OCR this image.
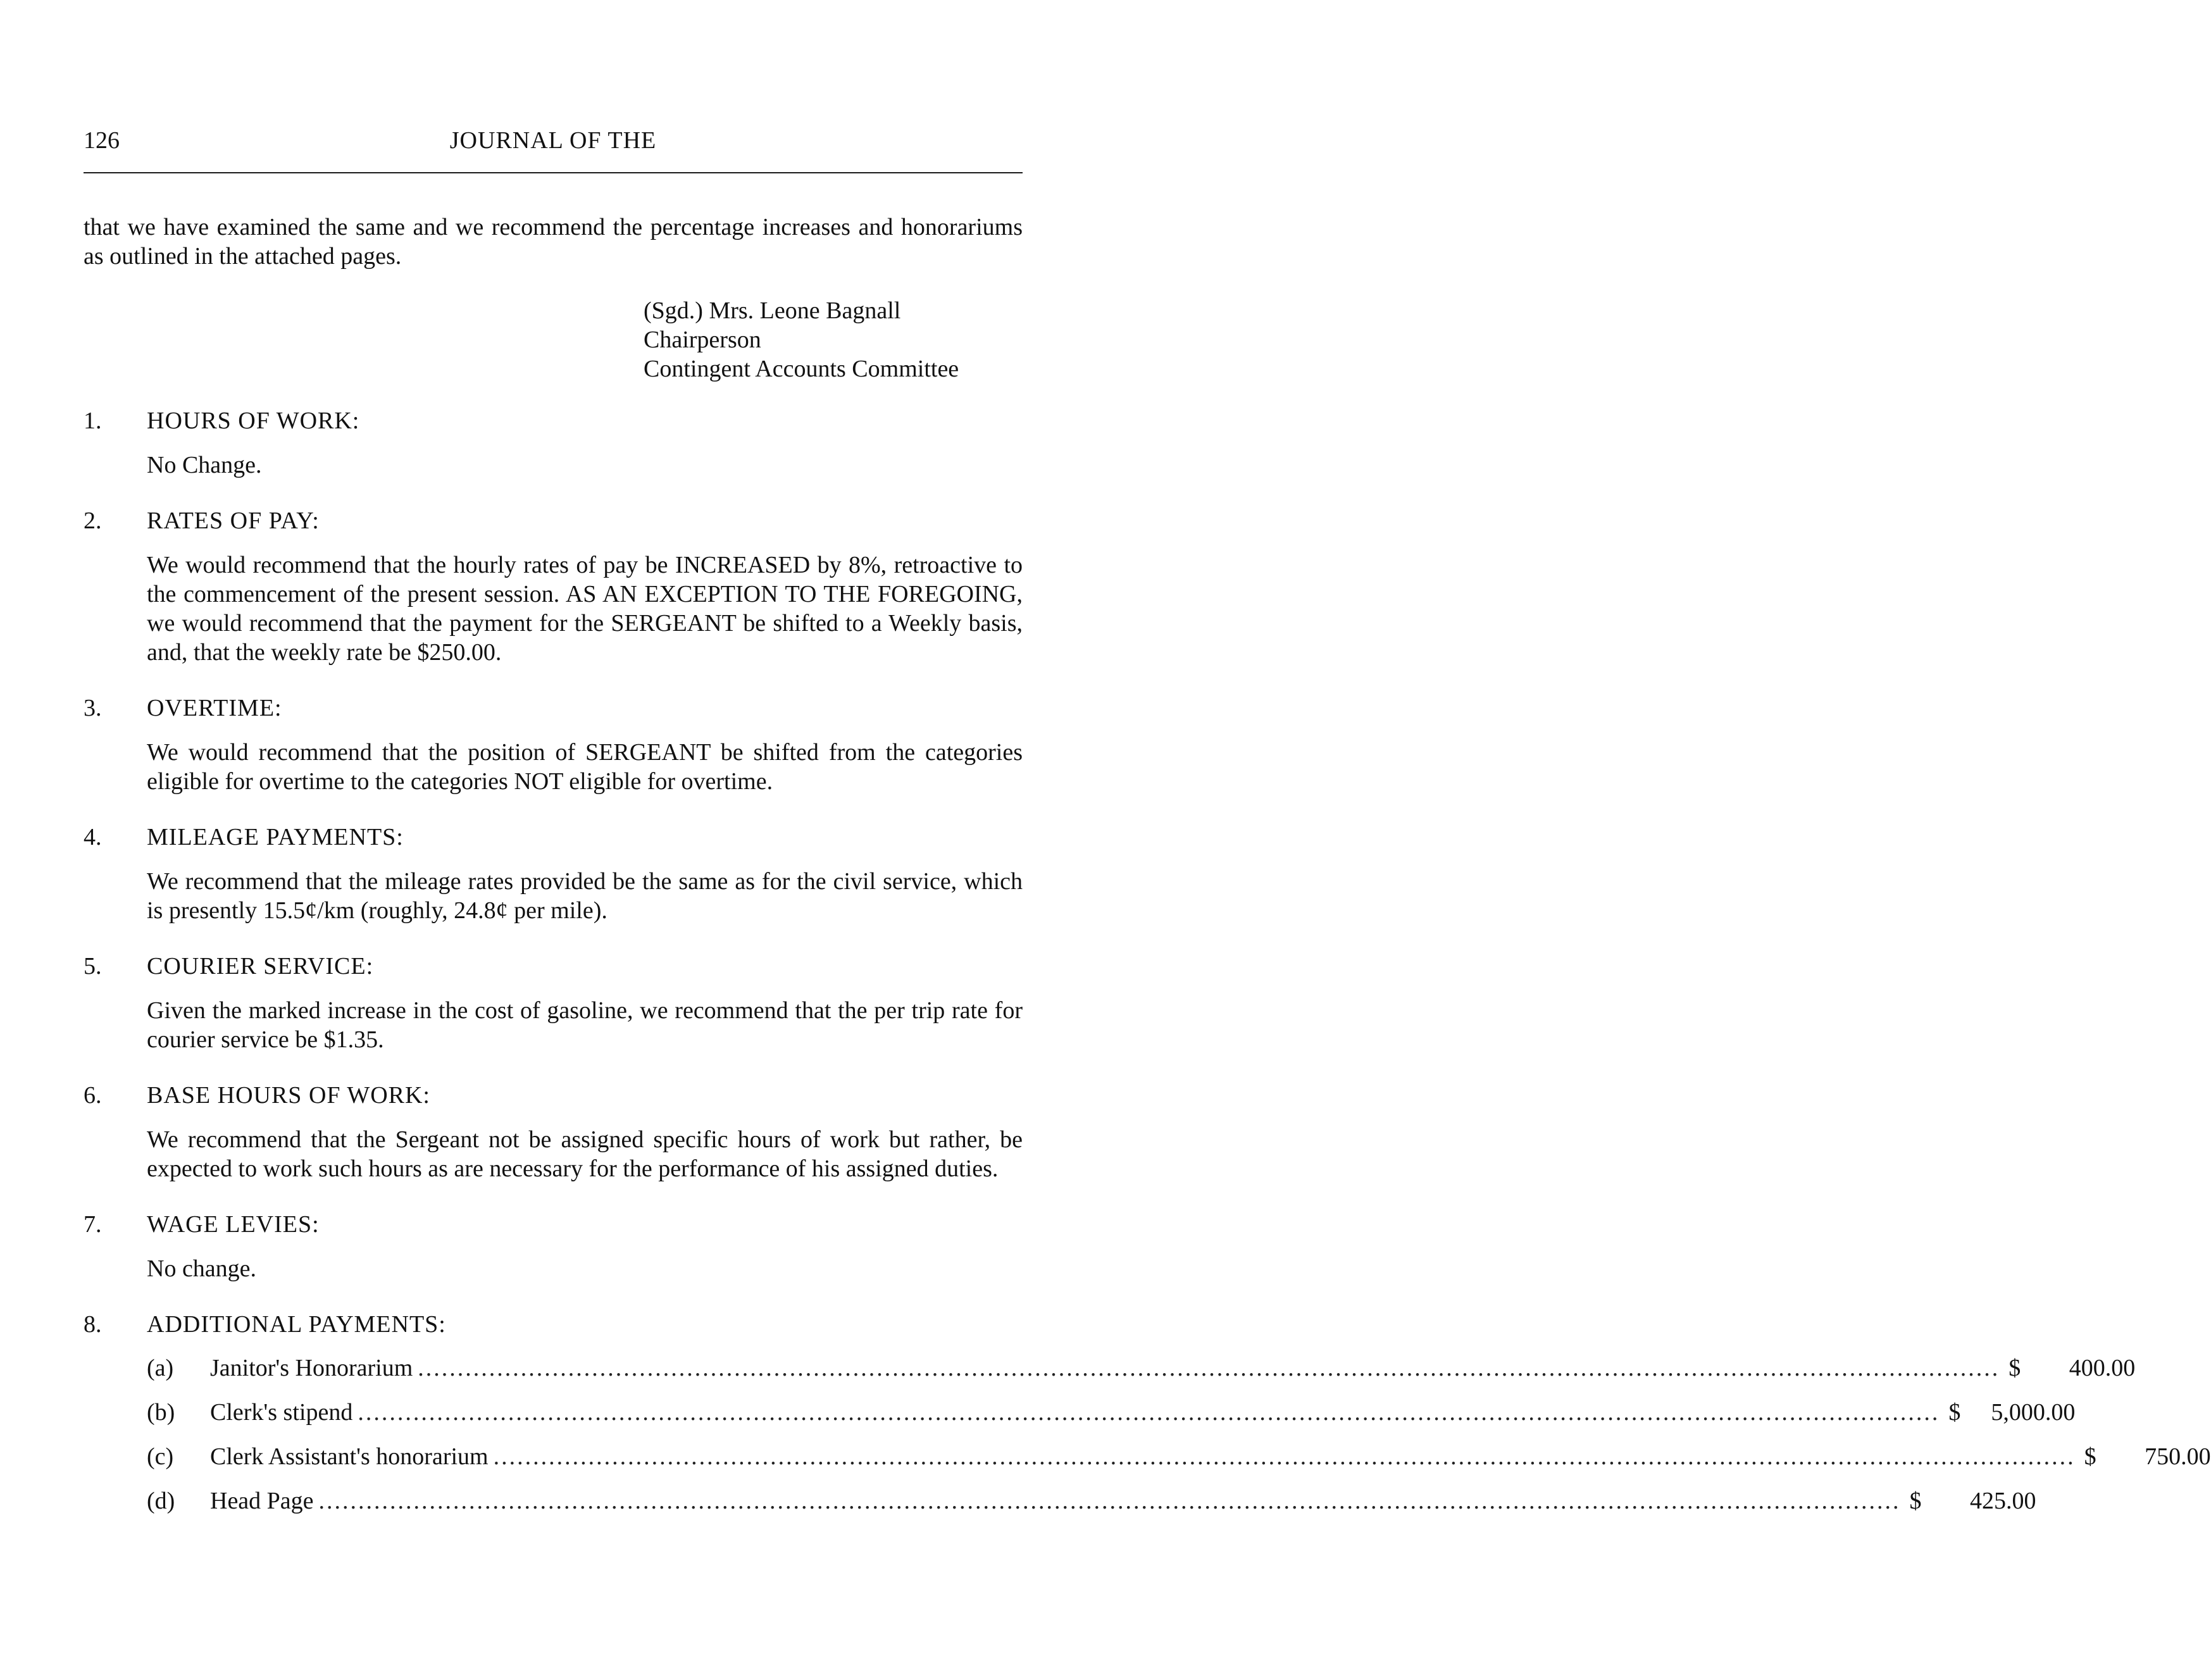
126	JOURNAL OF THE

that we have examined the same and we recommend the percentage increases and honorariums as outlined in the attached pages.

(Sgd.) Mrs. Leone Bagnall
Chairperson
Contingent Accounts Committee
1. HOURS OF WORK:
No Change.
2. RATES OF PAY:
We would recommend that the hourly rates of pay be INCREASED by 8%, retroactive to the commencement of the present session. AS AN EXCEPTION TO THE FOREGOING, we would recommend that the payment for the SERGEANT be shifted to a Weekly basis, and, that the weekly rate be $250.00.
3. OVERTIME:
We would recommend that the position of SERGEANT be shifted from the categories eligible for overtime to the categories NOT eligible for overtime.
4. MILEAGE PAYMENTS:
We recommend that the mileage rates provided be the same as for the civil service, which is presently 15.5¢/km (roughly, 24.8¢ per mile).
5. COURIER SERVICE:
Given the marked increase in the cost of gasoline, we recommend that the per trip rate for courier service be $1.35.
6. BASE HOURS OF WORK:
We recommend that the Sergeant not be assigned specific hours of work but rather, be expected to work such hours as are necessary for the performance of his assigned duties.
7. WAGE LEVIES:
No change.
8. ADDITIONAL PAYMENTS:
(a)	Janitor's Honorarium ........................................................................................................................................................................................................ $ 400.00
(b)	Clerk's stipend ........................................................................................................................................................................................................ $ 5,000.00
(c)	Clerk Assistant's honorarium ........................................................................................................................................................................................................ $ 750.00
(d)	Head Page ........................................................................................................................................................................................................ $ 425.00
